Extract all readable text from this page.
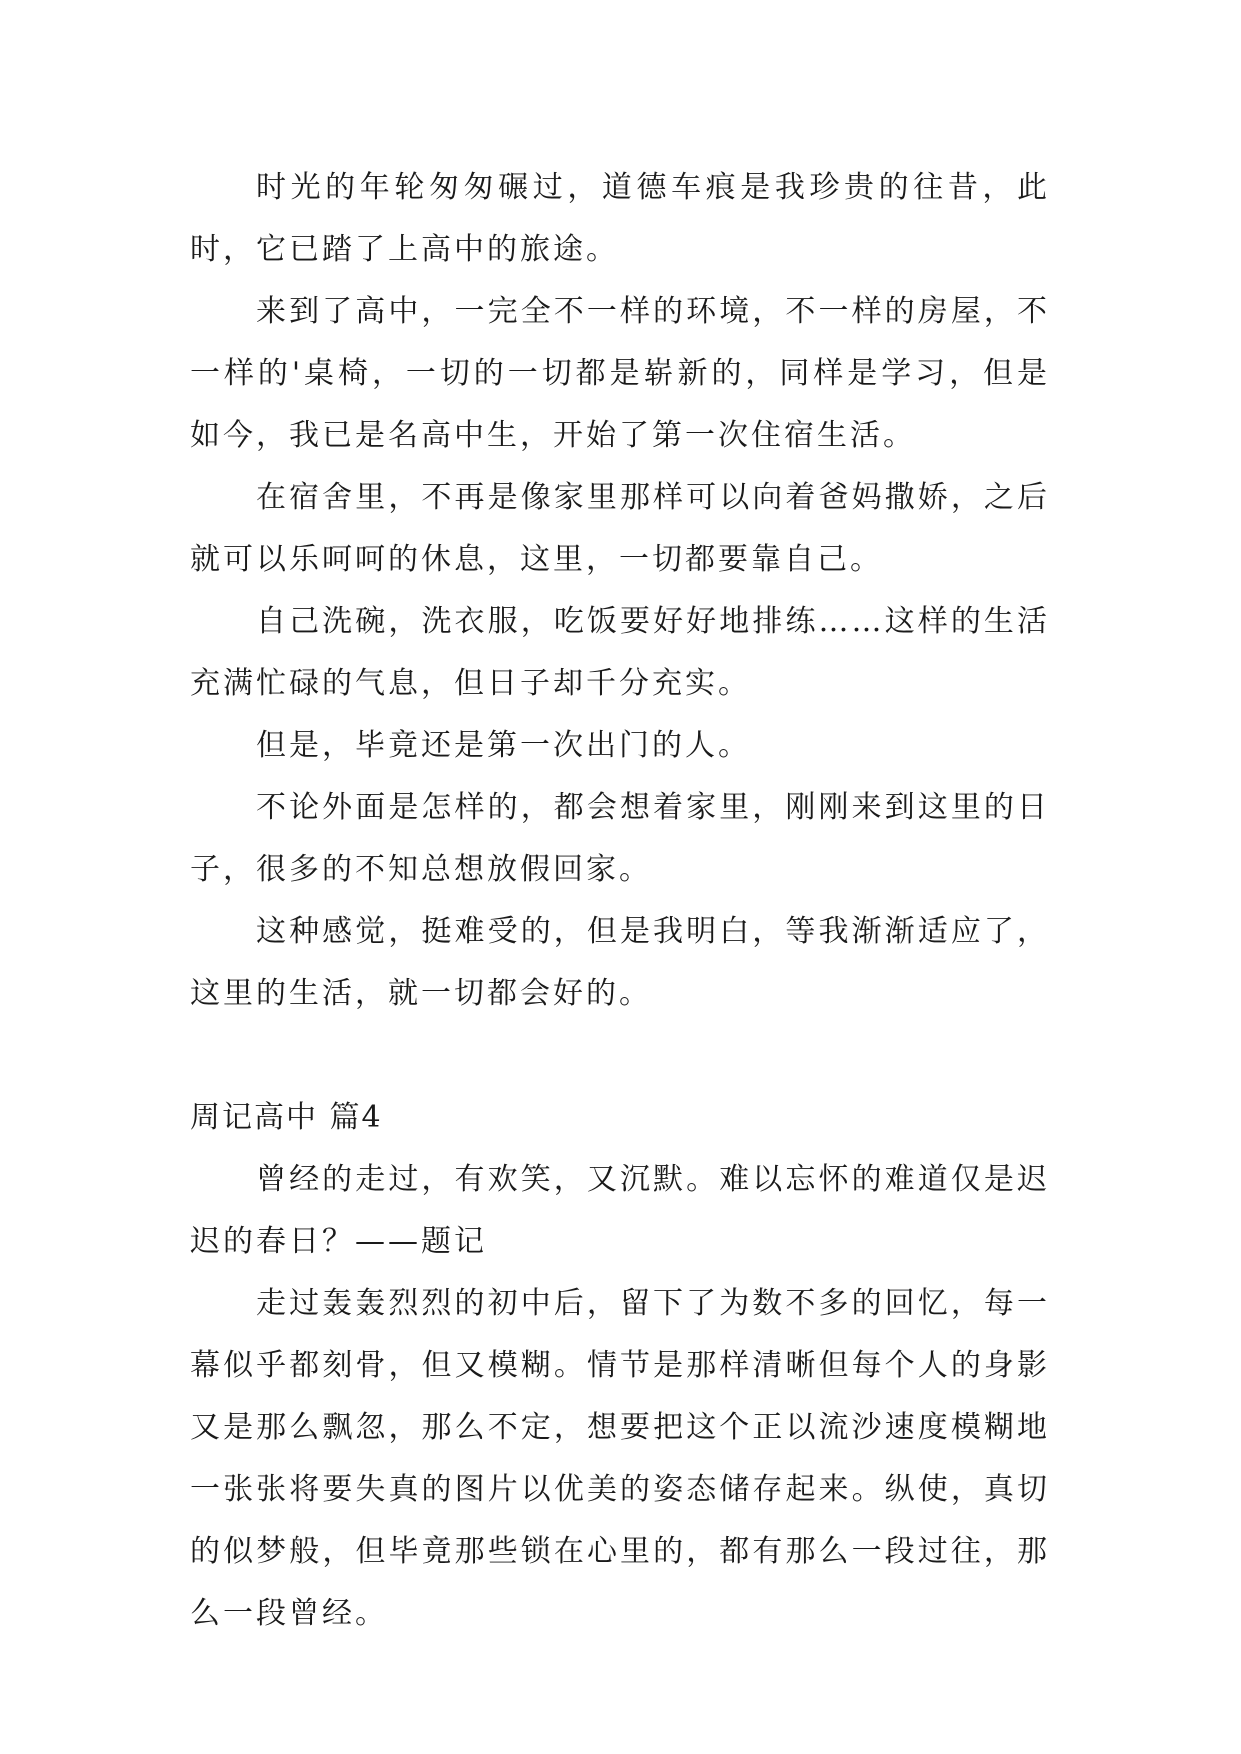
时光的年轮匆匆碾过，道德车痕是我珍贵的往昔，此时，它已踏了上高中的旅途。

来到了高中，一完全不一样的环境，不一样的房屋，不一样的'桌椅，一切的一切都是崭新的，同样是学习，但是如今，我已是名高中生，开始了第一次住宿生活。

在宿舍里，不再是像家里那样可以向着爸妈撒娇，之后就可以乐呵呵的休息，这里，一切都要靠自己。

自己洗碗，洗衣服，吃饭要好好地排练……这样的生活充满忙碌的气息，但日子却千分充实。

但是，毕竟还是第一次出门的人。

不论外面是怎样的，都会想着家里，刚刚来到这里的日子，很多的不知总想放假回家。

这种感觉，挺难受的，但是我明白，等我渐渐适应了，这里的生活，就一切都会好的。

周记高中 篇4

曾经的走过，有欢笑，又沉默。难以忘怀的难道仅是迟迟的春日？——题记

走过轰轰烈烈的初中后，留下了为数不多的回忆，每一幕似乎都刻骨，但又模糊。情节是那样清晰但每个人的身影又是那么飘忽，那么不定，想要把这个正以流沙速度模糊地一张张将要失真的图片以优美的姿态储存起来。纵使，真切的似梦般，但毕竟那些锁在心里的，都有那么一段过往，那么一段曾经。
